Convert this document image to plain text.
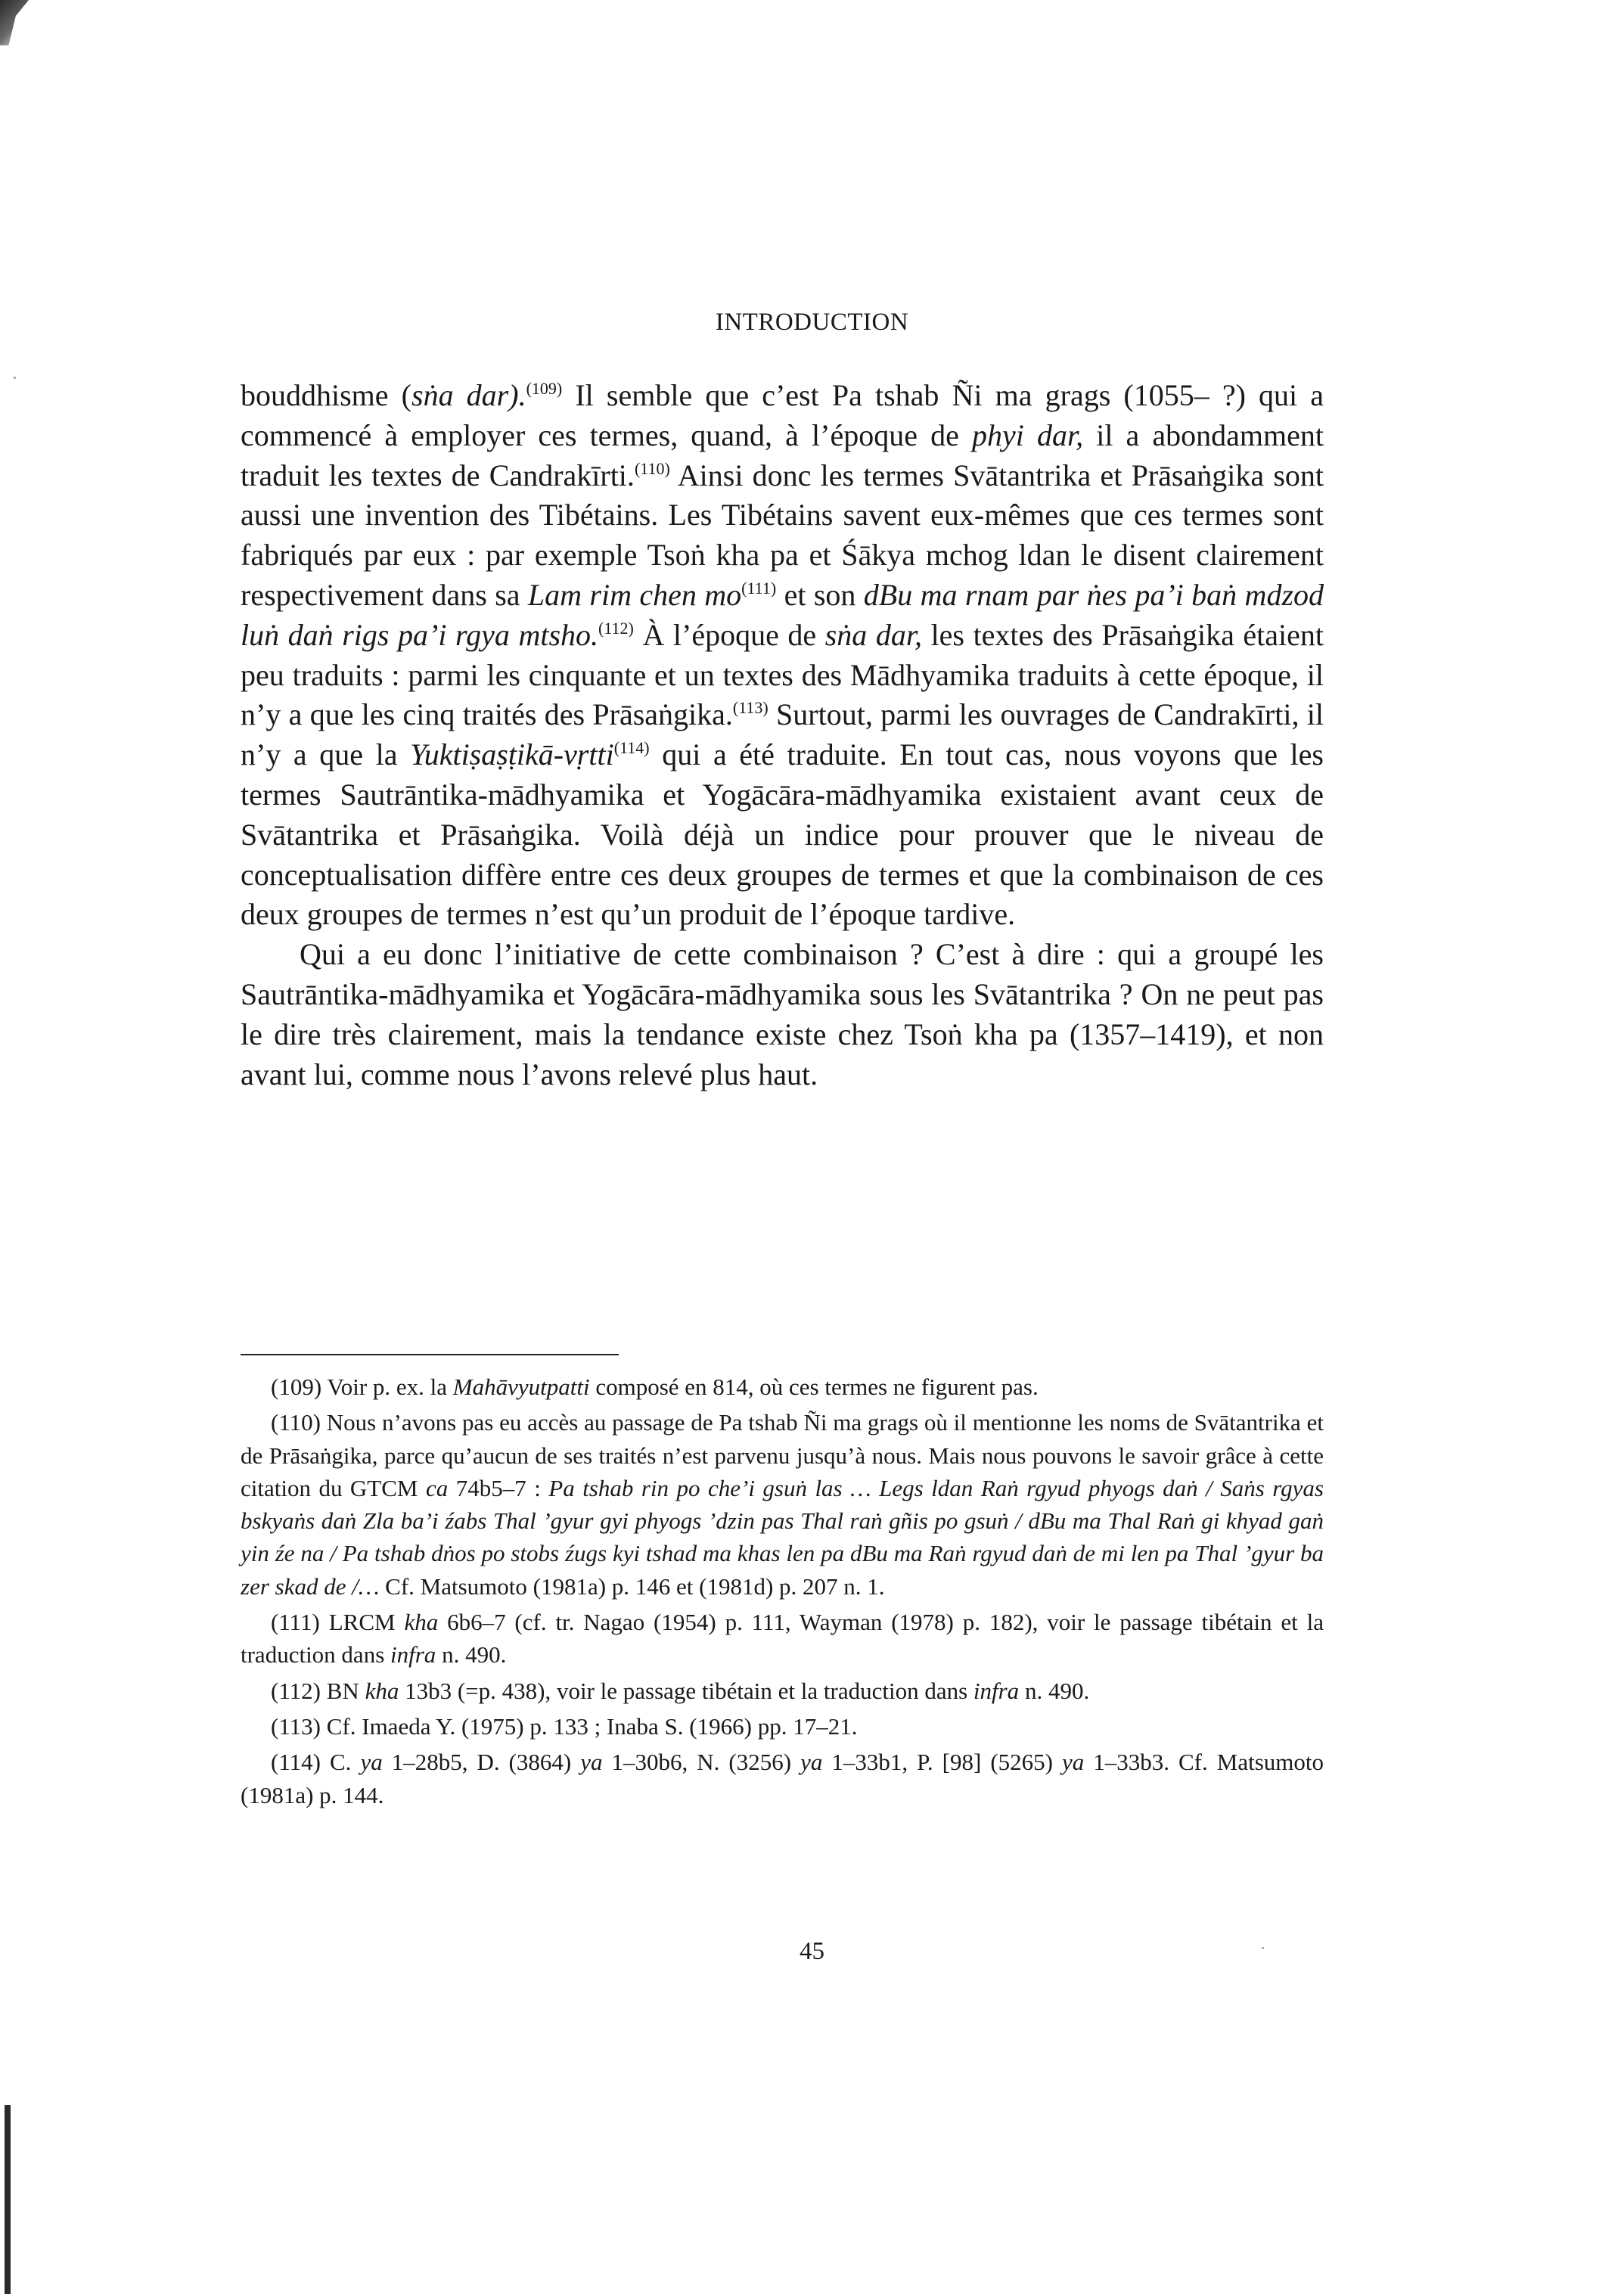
INTRODUCTION

bouddhisme (sṅa dar).$^{(109)}$ Il semble que c’est Pa tshab Ñi ma grags (1055– ?) qui a commencé à employer ces termes, quand, à l’époque de phyi dar, il a abondamment traduit les textes de Candrakīrti.$^{(110)}$ Ainsi donc les termes Svātantrika et Prāsaṅgika sont aussi une invention des Tibétains. Les Tibétains savent eux-mêmes que ces termes sont fabriqués par eux : par exemple Tsoṅ kha pa et Śākya mchog ldan le disent clairement respectivement dans sa Lam rim chen mo$^{(111)}$ et son dBu ma rnam par ṅes pa’i baṅ mdzod luṅ daṅ rigs pa’i rgya mtsho.$^{(112)}$ À l’époque de sṅa dar, les textes des Prāsaṅgika étaient peu traduits : parmi les cinquante et un textes des Mādhyamika traduits à cette époque, il n’y a que les cinq traités des Prāsaṅgika.$^{(113)}$ Surtout, parmi les ouvrages de Candrakīrti, il n’y a que la Yuktiṣaṣṭikā-vṛtti$^{(114)}$ qui a été traduite. En tout cas, nous voyons que les termes Sautrāntika-mādhyamika et Yogācāra-mādhyamika existaient avant ceux de Svātantrika et Prāsaṅgika. Voilà déjà un indice pour prouver que le niveau de conceptualisation diffère entre ces deux groupes de termes et que la combinaison de ces deux groupes de termes n’est qu’un produit de l’époque tardive.

Qui a eu donc l’initiative de cette combinaison ? C’est à dire : qui a groupé les Sautrāntika-mādhyamika et Yogācāra-mādhyamika sous les Svātantrika ? On ne peut pas le dire très clairement, mais la tendance existe chez Tsoṅ kha pa (1357–1419), et non avant lui, comme nous l’avons relevé plus haut.

(109) Voir p. ex. la Mahāvyutpatti composé en 814, où ces termes ne figurent pas.

(110) Nous n’avons pas eu accès au passage de Pa tshab Ñi ma grags où il mentionne les noms de Svātantrika et de Prāsaṅgika, parce qu’aucun de ses traités n’est parvenu jusqu’à nous. Mais nous pouvons le savoir grâce à cette citation du GTCM ca 74b5–7 : Pa tshab rin po che’i gsuṅ las … Legs ldan Raṅ rgyud phyogs daṅ / Saṅs rgyas bskyaṅs daṅ Zla ba’i źabs Thal ’gyur gyi phyogs ’dzin pas Thal raṅ gñis po gsuṅ / dBu ma Thal Raṅ gi khyad gaṅ yin źe na / Pa tshab dṅos po stobs źugs kyi tshad ma khas len pa dBu ma Raṅ rgyud daṅ de mi len pa Thal ’gyur ba zer skad de /… Cf. Matsumoto (1981a) p. 146 et (1981d) p. 207 n. 1.

(111) LRCM kha 6b6–7 (cf. tr. Nagao (1954) p. 111, Wayman (1978) p. 182), voir le passage tibétain et la traduction dans infra n. 490.

(112) BN kha 13b3 (=p. 438), voir le passage tibétain et la traduction dans infra n. 490.

(113) Cf. Imaeda Y. (1975) p. 133 ; Inaba S. (1966) pp. 17–21.

(114) C. ya 1–28b5, D. (3864) ya 1–30b6, N. (3256) ya 1–33b1, P. [98] (5265) ya 1–33b3. Cf. Matsumoto (1981a) p. 144.

45
